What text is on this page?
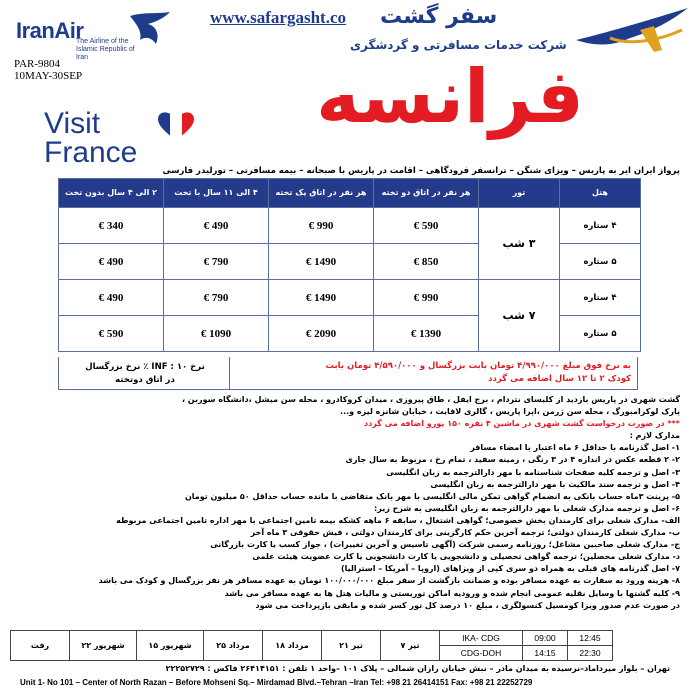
IranAir
The Airline of the Islamic Republic of Iran
PAR-9804
10MAY-30SEP
www.safargasht.co سفر گشت
شرکت خدمات مسافرتی و گردشگری
فرانسه
Visit
France
پرواز ایران ایر به پاریس – ویزای شنگن – ترانسفر فرودگاهی – اقامت در پاریس با صبحانه – بیمه مسافرتی – تورلیدر فارسی
هتل	تور	هر نفر در اتاق دو تخته	هر نفر در اتاق یک تخته	۴ الی ۱۱ سال با تخت	۲ الی ۴ سال بدون تخت
۴ ستاره	۳ شب	590 €	990 €	490 €	340 €
۵ ستاره		850 €	1490 €	790 €	490 €
۴ ستاره	۷ شب	990 €	1490 €	790 €	490 €
۵ ستاره		1390 €	2090 €	1090 €	590 €
به نرخ فوق مبلغ ۴/۹۹۰/۰۰۰ تومان بابت بزرگسال و ۴/۵۹۰/۰۰۰ تومان بابت
کودک ۲ تا ۱۲ سال اضافه می گردد
نرخ INF : ۱۰ ٪ نرخ بزرگسال
در اتاق دوتخته
گشت شهری در پاریس بازدید از کلیسای نتردام ، برج ایفل ، طاق پیروزی ، میدان کروکادرو ، محله سن میشل ،دانشگاه سوربن ،
پارک لوکزامبورگ ، محله سن ژرمن ،اپرا پاریس ، گالری لافایت ، خیابان شانزه لیزه و...
*** در صورت درخواست گشت شهری در ماشین ۴ نفره ۱۵۰ یورو اضافه می گردد
مدارک لازم :
۱- اصل گذرنامه با حداقل ۶ ماه اعتبار با امضاء مسافر
۲- ۲ قطعه عکس در اندازه ۴ در ۳ رنگی ، زمینه سفید ، تمام رخ ، مربوط به سال جاری
۳- اصل و ترجمه کلیه صفحات شناسنامه با مهر دارالترجمه به زبان انگلیسی
۴- اصل و ترجمه سند مالکیت با مهر دارالترجمه به زبان انگلیسی
۵- پرینت ۳ماه حساب بانکی به انضمام گواهی تمکن مالی انگلیسی با مهر بانک متقاضی با مانده حساب حداقل ۵۰ میلیون تومان
۶- اصل و ترجمه مدارک شغلی با مهر دارالترجمه به زبان انگلیسی به شرح زیر:
الف- مدارک شغلی برای کارمندان بخش خصوصی؛ گواهی اشتغال ، سابقه ۶ ماهه کشکه بیمه تامین اجتماعی با مهر اداره تامین اجتماعی مربوطه
ب- مدارک شغلی کارمندان دولتی؛ ترجمه آخرین حکم کارگزینی برای کارمندان دولتی ، فیش حقوقی ۳ ماه آخر
ج- مدارک شغلی صاحبین مشاغل؛ روزنامه رسمی شرکت (آگهی تاسیس و آخرین تغییرات) ، جواز کسب یا کارت بازرگانی
د- مدارک شغلی محصلین؛ ترجمه گواهی تحصیلی و دانشجویی یا کارت دانشجویی یا کارت عضویت هیئت علمی
۷- اصل گذرنامه های قبلی به همراه دو سری کپی از ویزاهای (اروپا – آمریکا – استرالیا)
۸- هزینه ورود به سفارت به عهده مسافر بوده و ضمانت بازگشت از سفر مبلغ ۱۰۰/۰۰۰/۰۰۰ تومان به عهده مسافر هر نفر بزرگسال و کودک می باشد
۹- کلیه گشتها با وسایل نقلیه عمومی انجام شده و ورودیه اماکن توریستی و مالیات هتل ها به عهده مسافر می باشد
در صورت عدم صدور ویزا کومسیل کنسولگری ، مبلغ ۱۰ درصد کل تور کسر شده و مابقی بازپرداخت می شود
رفت	۲۲ شهریور	۱۵ شهریور	۲۵ مرداد	۱۸ مرداد	۲۱ تیر	۷ تیر	IKA- CDG	09:00	12:45
							CDG-DOH	14:15	22:30
تهران – بلوار میرداماد–نرسیده به میدان مادر – نبش خیابان رازان شمالی – پلاک ۱۰۱ –واحد ۱ تلفن : ۲۶۴۱۴۱۵۱ فاکس : ۲۲۲۵۲۷۲۹
Unit 1- No 101 – Center of North Razan – Before Mohseni Sq.– Mirdamad Blvd.–Tehran –Iran Tel: +98 21 26414151 Fax: +98 21 22252729
